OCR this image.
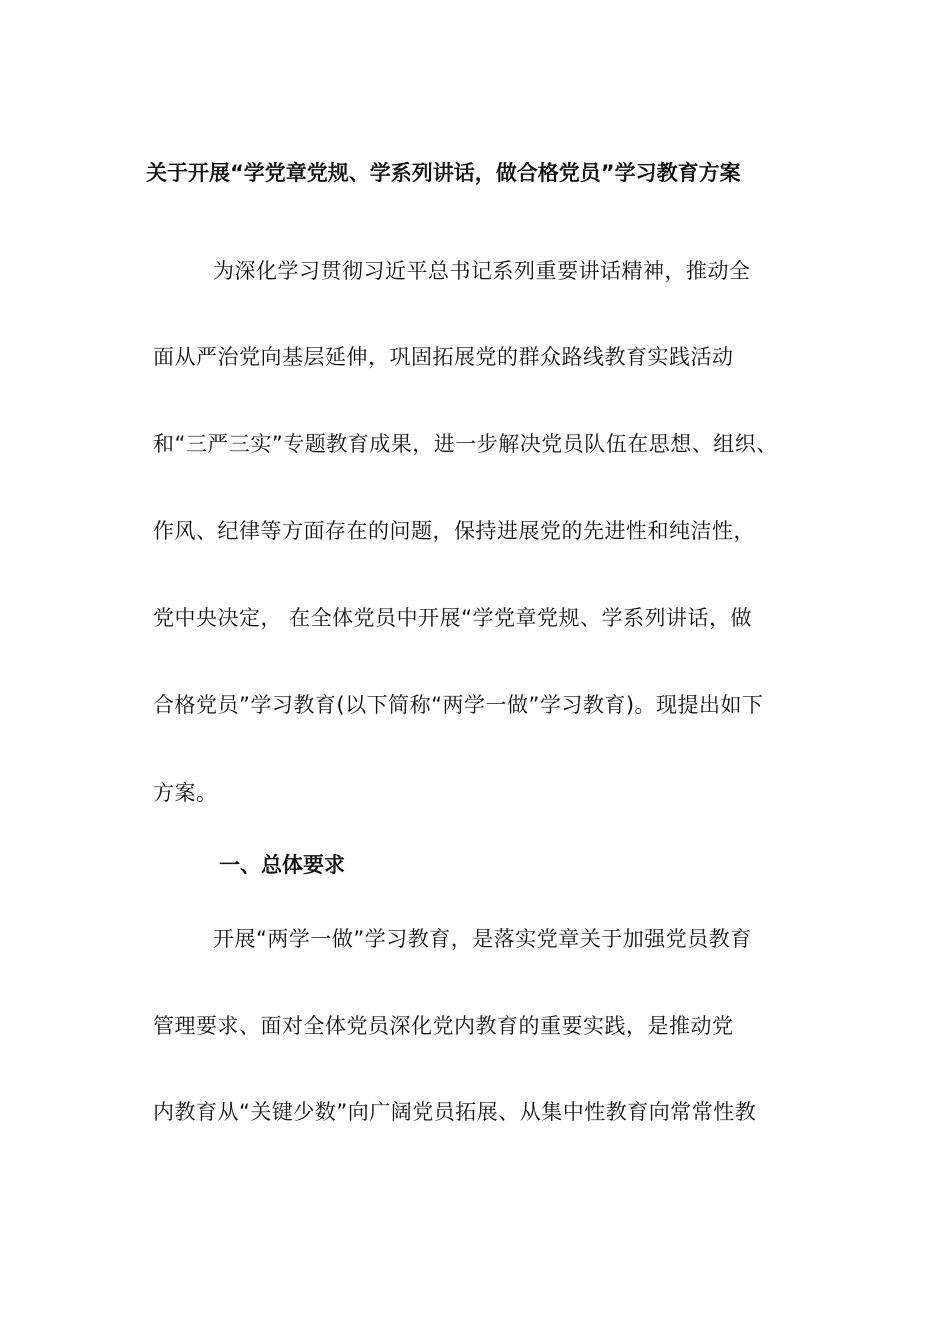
关于开展“学党章党规、学系列讲话，做合格党员”学习教育方案
为深化学习贯彻习近平总书记系列重要讲话精神，推动全
面从严治党向基层延伸，巩固拓展党的群众路线教育实践活动
和“三严三实”专题教育成果，进一步解决党员队伍在思想、组织、
作风、纪律等方面存在的问题，保持进展党的先进性和纯洁性，
党中央决定， 在全体党员中开展“学党章党规、学系列讲话，做
合格党员”学习教育(以下简称“两学一做”学习教育)。现提出如下
方案。
一、总体要求
开展“两学一做”学习教育，是落实党章关于加强党员教育
管理要求、面对全体党员深化党内教育的重要实践，是推动党
内教育从“关键少数”向广阔党员拓展、从集中性教育向常常性教
